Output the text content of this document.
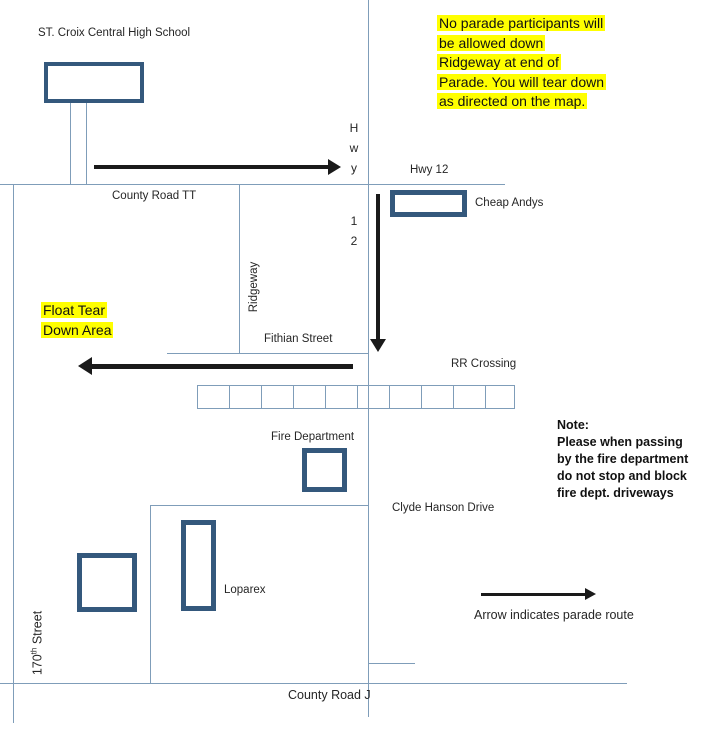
ST. Croix Central High School
County Road TT
Hwy 12
Cheap Andys
H
w
y
1
2
Ridgeway
Fithian Street
RR Crossing
Fire Department
Clyde Hanson Drive
Loparex
170th Street
County Road J
No parade participants will
be allowed down
Ridgeway at end of
Parade. You will tear down
as directed on the map.
Float Tear
Down Area
Note:
Please when passing
by the fire department
do not stop and block
fire dept. driveways
Arrow indicates parade route
